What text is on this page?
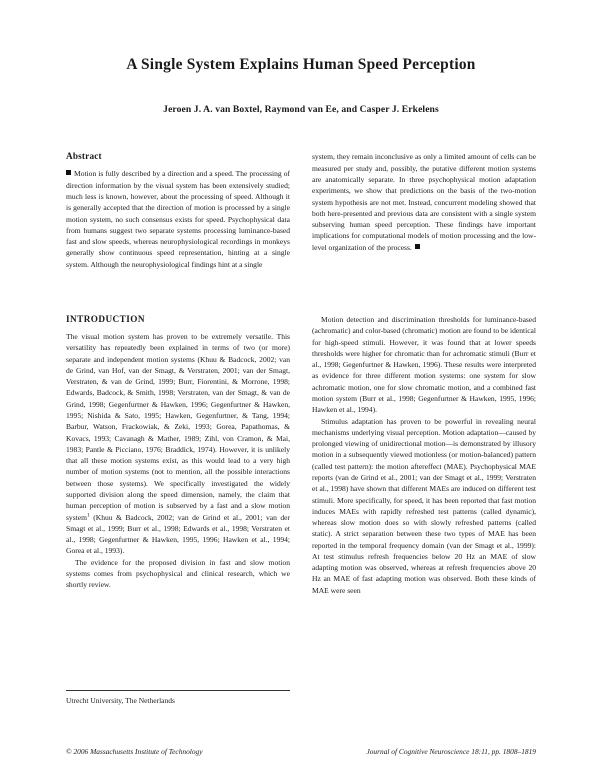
A Single System Explains Human Speed Perception
Jeroen J. A. van Boxtel, Raymond van Ee, and Casper J. Erkelens
Abstract

Motion is fully described by a direction and a speed. The processing of direction information by the visual system has been extensively studied; much less is known, however, about the processing of speed. Although it is generally accepted that the direction of motion is processed by a single motion system, no such consensus exists for speed. Psychophysical data from humans suggest two separate systems processing luminance-based fast and slow speeds, whereas neurophysiological recordings in monkeys generally show continuous speed representation, hinting at a single system. Although the neurophysiological findings hint at a single

system, they remain inconclusive as only a limited amount of cells can be measured per study and, possibly, the putative different motion systems are anatomically separate. In three psychophysical motion adaptation experiments, we show that predictions on the basis of the two-motion system hypothesis are not met. Instead, concurrent modeling showed that both here-presented and previous data are consistent with a single system subserving human speed perception. These findings have important implications for computational models of motion processing and the low-level organization of the process.

INTRODUCTION

The visual motion system has proven to be extremely versatile. This versatility has repeatedly been explained in terms of two (or more) separate and independent motion systems (Khuu & Badcock, 2002; van de Grind, van Hof, van der Smagt, & Verstraten, 2001; van der Smagt, Verstraten, & van de Grind, 1999; Burr, Fiorentini, & Morrone, 1998; Edwards, Badcock, & Smith, 1998; Verstraten, van der Smagt, & van de Grind, 1998; Gegenfurtner & Hawken, 1996; Gegenfurtner & Hawken, 1995; Nishida & Sato, 1995; Hawken, Gegenfurtner, & Tang, 1994; Barbur, Watson, Frackowiak, & Zeki, 1993; Gorea, Papathomas, & Kovacs, 1993; Cavanagh & Mather, 1989; Zihl, von Cramon, & Mai, 1983; Pantle & Picciano, 1976; Braddick, 1974). However, it is unlikely that all these motion systems exist, as this would lead to a very high number of motion systems (not to mention, all the possible interactions between those systems). We specifically investigated the widely supported division along the speed dimension, namely, the claim that human perception of motion is subserved by a fast and a slow motion system$^1$ (Khuu & Badcock, 2002; van de Grind et al., 2001; van der Smagt et al., 1999; Burr et al., 1998; Edwards et al., 1998; Verstraten et al., 1998; Gegenfurtner & Hawken, 1995, 1996; Hawken et al., 1994; Gorea et al., 1993).

The evidence for the proposed division in fast and slow motion systems comes from psychophysical and clinical research, which we shortly review.

Motion detection and discrimination thresholds for luminance-based (achromatic) and color-based (chromatic) motion are found to be identical for high-speed stimuli. However, it was found that at lower speeds thresholds were higher for chromatic than for achromatic stimuli (Burr et al., 1998; Gegenfurtner & Hawken, 1996). These results were interpreted as evidence for three different motion systems: one system for slow achromatic motion, one for slow chromatic motion, and a combined fast motion system (Burr et al., 1998; Gegenfurtner & Hawken, 1995, 1996; Hawken et al., 1994).

Stimulus adaptation has proven to be powerful in revealing neural mechanisms underlying visual perception. Motion adaptation—caused by prolonged viewing of unidirectional motion—is demonstrated by illusory motion in a subsequently viewed motionless (or motion-balanced) pattern (called test pattern): the motion aftereffect (MAE). Psychophysical MAE reports (van de Grind et al., 2001; van der Smagt et al., 1999; Verstraten et al., 1998) have shown that different MAEs are induced on different test stimuli. More specifically, for speed, it has been reported that fast motion induces MAEs with rapidly refreshed test patterns (called dynamic), whereas slow motion does so with slowly refreshed patterns (called static). A strict separation between these two types of MAE has been reported in the temporal frequency domain (van der Smagt et al., 1999): At test stimulus refresh frequencies below 20 Hz an MAE of slow adapting motion was observed, whereas at refresh frequencies above 20 Hz an MAE of fast adapting motion was observed. Both these kinds of MAE were seen

Utrecht University, The Netherlands

© 2006 Massachusetts Institute of Technology	Journal of Cognitive Neuroscience 18:11, pp. 1808–1819
